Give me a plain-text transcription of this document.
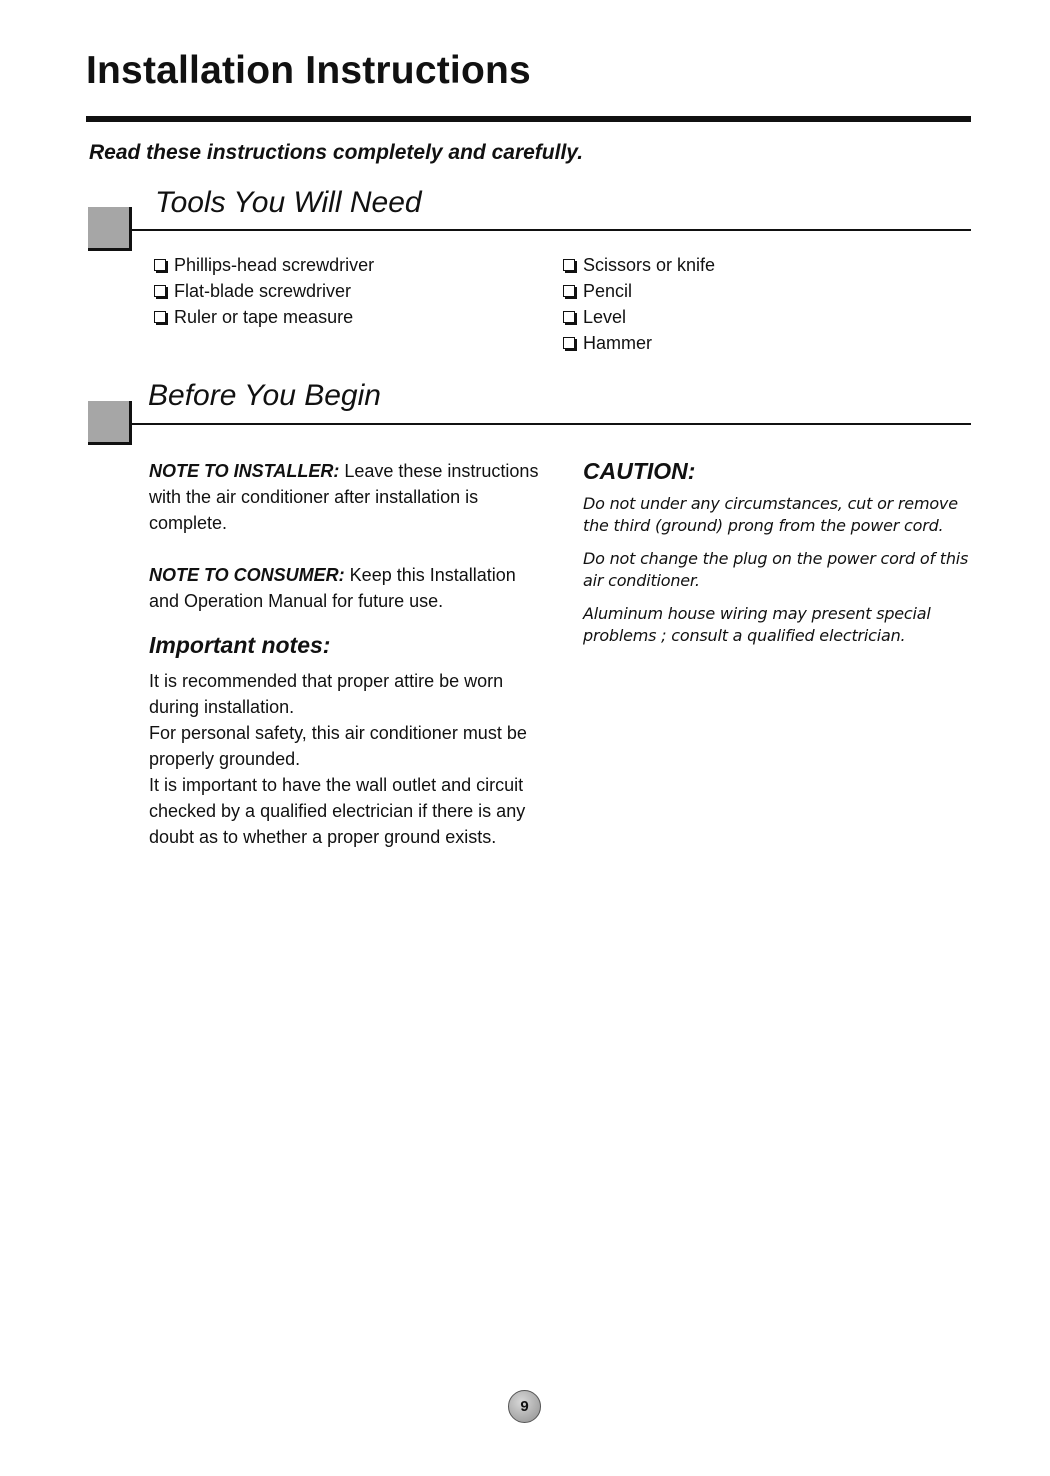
Installation Instructions

Read these instructions completely and carefully.

Tools You Will Need
Phillips-head screwdriver
Flat-blade screwdriver
Ruler or tape measure
Scissors or knife
Pencil
Level
Hammer
Before You Begin

NOTE TO INSTALLER: Leave these instructions with the air conditioner after installation is complete.

NOTE TO CONSUMER: Keep this Installation and Operation Manual for future use.

Important notes:

It is recommended that proper attire be worn during installation.

For personal safety, this air conditioner must be properly grounded.

It is important to have the wall outlet and circuit checked by a qualified electrician if there is any doubt as to whether a proper ground exists.

CAUTION:

Do not under any circumstances, cut or remove the third (ground) prong from the power cord.

Do not change the plug on the power cord of this air conditioner.

Aluminum house wiring may present special problems ; consult a qualified electrician.

9
